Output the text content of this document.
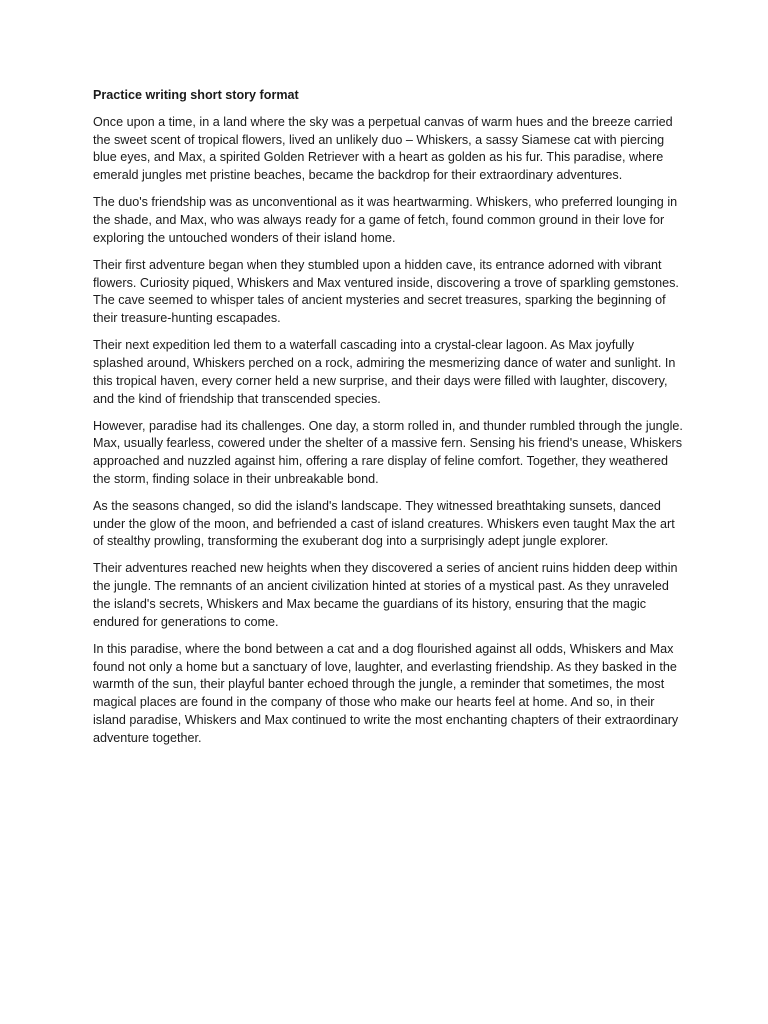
Practice writing short story format

Once upon a time, in a land where the sky was a perpetual canvas of warm hues and the breeze carried the sweet scent of tropical flowers, lived an unlikely duo – Whiskers, a sassy Siamese cat with piercing blue eyes, and Max, a spirited Golden Retriever with a heart as golden as his fur. This paradise, where emerald jungles met pristine beaches, became the backdrop for their extraordinary adventures.

The duo's friendship was as unconventional as it was heartwarming. Whiskers, who preferred lounging in the shade, and Max, who was always ready for a game of fetch, found common ground in their love for exploring the untouched wonders of their island home.

Their first adventure began when they stumbled upon a hidden cave, its entrance adorned with vibrant flowers. Curiosity piqued, Whiskers and Max ventured inside, discovering a trove of sparkling gemstones. The cave seemed to whisper tales of ancient mysteries and secret treasures, sparking the beginning of their treasure-hunting escapades.

Their next expedition led them to a waterfall cascading into a crystal-clear lagoon. As Max joyfully splashed around, Whiskers perched on a rock, admiring the mesmerizing dance of water and sunlight. In this tropical haven, every corner held a new surprise, and their days were filled with laughter, discovery, and the kind of friendship that transcended species.

However, paradise had its challenges. One day, a storm rolled in, and thunder rumbled through the jungle. Max, usually fearless, cowered under the shelter of a massive fern. Sensing his friend's unease, Whiskers approached and nuzzled against him, offering a rare display of feline comfort. Together, they weathered the storm, finding solace in their unbreakable bond.

As the seasons changed, so did the island's landscape. They witnessed breathtaking sunsets, danced under the glow of the moon, and befriended a cast of island creatures. Whiskers even taught Max the art of stealthy prowling, transforming the exuberant dog into a surprisingly adept jungle explorer.

Their adventures reached new heights when they discovered a series of ancient ruins hidden deep within the jungle. The remnants of an ancient civilization hinted at stories of a mystical past. As they unraveled the island's secrets, Whiskers and Max became the guardians of its history, ensuring that the magic endured for generations to come.

In this paradise, where the bond between a cat and a dog flourished against all odds, Whiskers and Max found not only a home but a sanctuary of love, laughter, and everlasting friendship. As they basked in the warmth of the sun, their playful banter echoed through the jungle, a reminder that sometimes, the most magical places are found in the company of those who make our hearts feel at home. And so, in their island paradise, Whiskers and Max continued to write the most enchanting chapters of their extraordinary adventure together.
